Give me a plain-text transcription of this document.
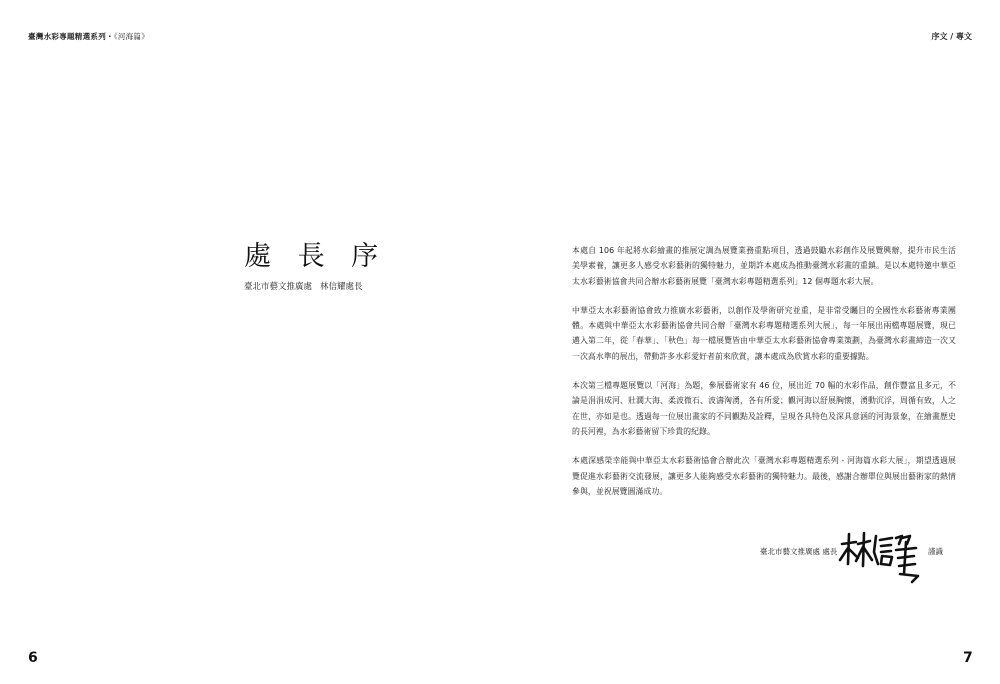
臺灣水彩專題精選系列・《河海篇》
處 長 序
臺北市藝文推廣處 林信耀處長
6
序文 / 專文

本處自 106 年起將水彩繪畫的推展定調為展覽業務重點項目，透過鼓勵水彩創作及展覽興辦，提升市民生活美學素養，讓更多人感受水彩藝術的獨特魅力，並期許本處成為推動臺灣水彩畫的重鎮。是以本處特邀中華亞太水彩藝術協會共同合辦水彩藝術展覽「臺灣水彩專題精選系列」12 個專題水彩大展。

中華亞太水彩藝術協會致力推廣水彩藝術，以創作及學術研究並重，是非常受矚目的全國性水彩藝術專業團體。本處與中華亞太水彩藝術協會共同合辦「臺灣水彩專題精選系列大展」，每一年展出兩檔專題展覽，現已邁入第二年，從「春華」、「秋色」每一檔展覽皆由中華亞太水彩藝術協會專業策劃，為臺灣水彩畫締造一次又一次高水準的展出，帶動許多水彩愛好者前來欣賞，讓本處成為欣賞水彩的重要據點。

本次第三檔專題展覽以「河海」為題，參展藝術家有 46 位，展出近 70 幅的水彩作品，創作豐富且多元，不論是涓涓成河、壯濶大海、柔波微石、波濤洶湧，各有所愛；觀河海以舒展胸懷，湧動沉浮，周循有致，人之在世，亦如是也。透過每一位展出畫家的不同觀點及詮釋，呈現各具特色及深具意涵的河海景象，在繪畫歷史的長河裡，為水彩藝術留下珍貴的紀錄。

本處深感榮幸能與中華亞太水彩藝術協會合辦此次「臺灣水彩專題精選系列 - 河海篇水彩大展」，期望透過展覽促進水彩藝術交流發展，讓更多人能夠感受水彩藝術的獨特魅力。最後，感謝合辦單位與展出藝術家的熱情參與，並祝展覽圓滿成功。

臺北市藝文推廣處 處長	謹識
7
